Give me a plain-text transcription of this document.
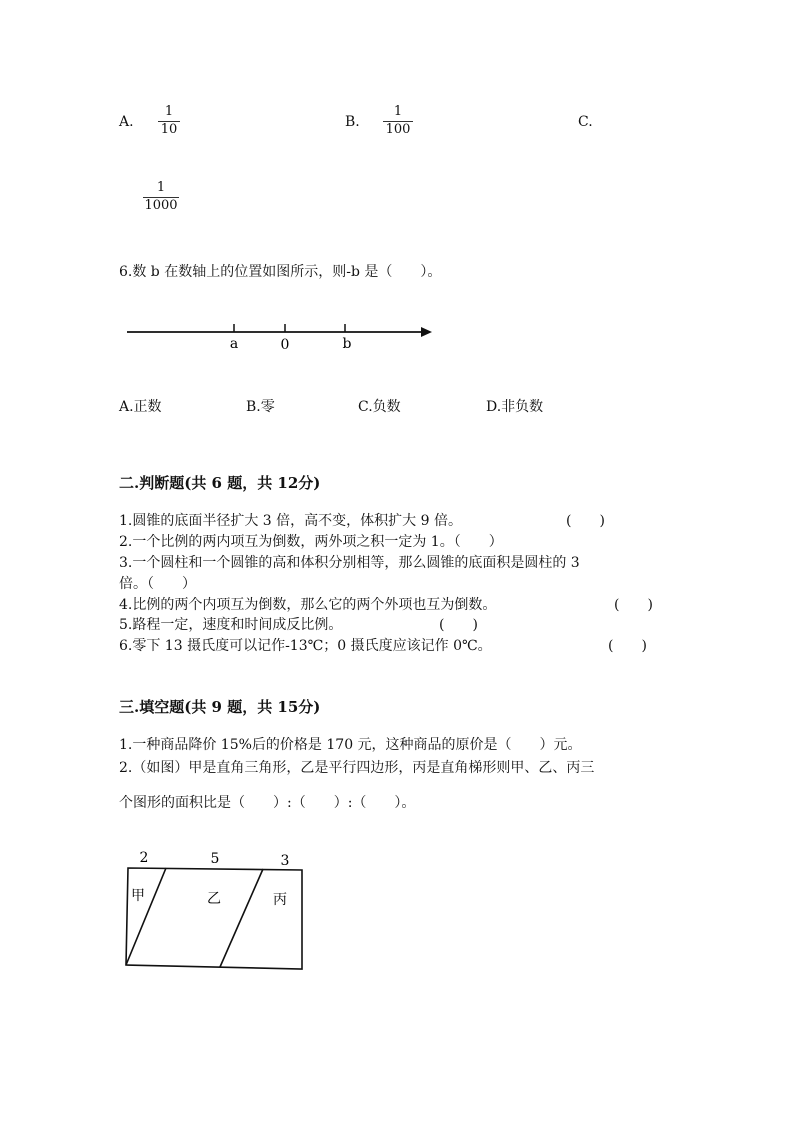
A.
1
10	B.
1
100	C.
1
1000
6.数 b 在数轴上的位置如图所示，则-b 是（　　）。
a	0	b
A.正数	B.零	C.负数	D.非负数
二.判断题(共 6 题，共 12分)
1.圆锥的底面半径扩大 3 倍，高不变，体积扩大 9 倍。	(　　)
2.一个比例的两内项互为倒数，两外项之积一定为 1。（　　）
3.一个圆柱和一个圆锥的高和体积分别相等，那么圆锥的底面积是圆柱的 3
倍。（　　）
4.比例的两个内项互为倒数，那么它的两个外项也互为倒数。	(　　)
5.路程一定，速度和时间成反比例。	(　　)
6.零下 13 摄氏度可以记作-13℃；0 摄氏度应该记作 0℃。	(　　)
三.填空题(共 9 题，共 15分)
1.一种商品降价 15%后的价格是 170 元，这种商品的原价是（　　）元。
2.（如图）甲是直角三角形，乙是平行四边形，丙是直角梯形则甲、乙、丙三
个图形的面积比是（　　）:（　　）:（　　）。
2	5	3
甲	乙	丙
